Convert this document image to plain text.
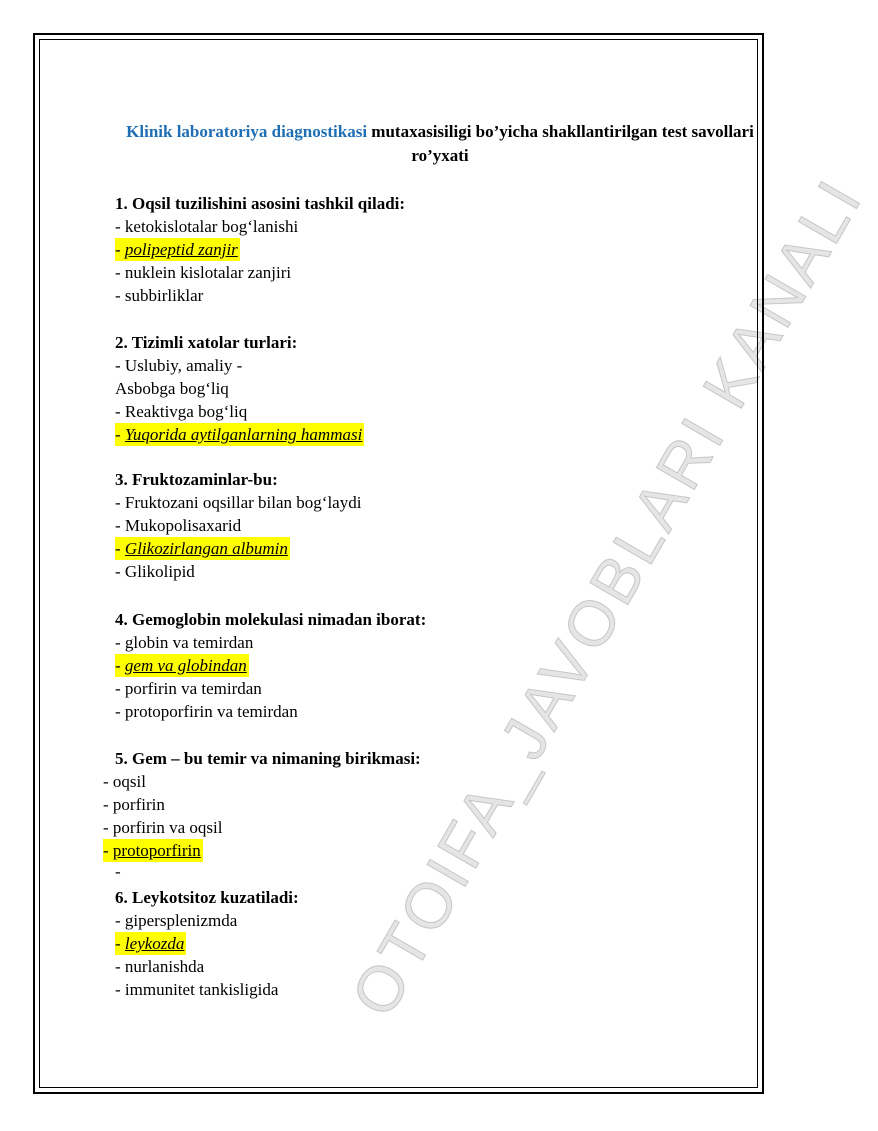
OTOIFA_JAVOBLARI KANALI
Klinik laboratoriya diagnostikasi mutaxasisiligi bo’yicha shakllantirilgan test savollari ro’yxati
1. Oqsil tuzilishini asosini tashkil qiladi:
- ketokislotalar bog‘lanishi
- polipeptid zanjir
- nuklein kislotalar zanjiri
- subbirliklar
2. Tizimli xatolar turlari:
- Uslubiy, amaliy -
Asbobga bog‘liq
- Reaktivga bog‘liq
- Yuqorida aytilganlarning hammasi
3. Fruktozaminlar-bu:
- Fruktozani oqsillar bilan bog‘laydi
- Mukopolisaxarid
- Glikozirlangan albumin
- Glikolipid
4. Gemoglobin molekulasi nimadan iborat:
- globin va temirdan
- gem va globindan
- porfirin va temirdan
- protoporfirin va temirdan
5. Gem – bu temir va nimaning birikmasi:
- oqsil
- porfirin
- porfirin va oqsil
- protoporfirin
-
6. Leykotsitoz kuzatiladi:
- gipersplenizmda
- leykozda
- nurlanishda
- immunitet tankisligida
